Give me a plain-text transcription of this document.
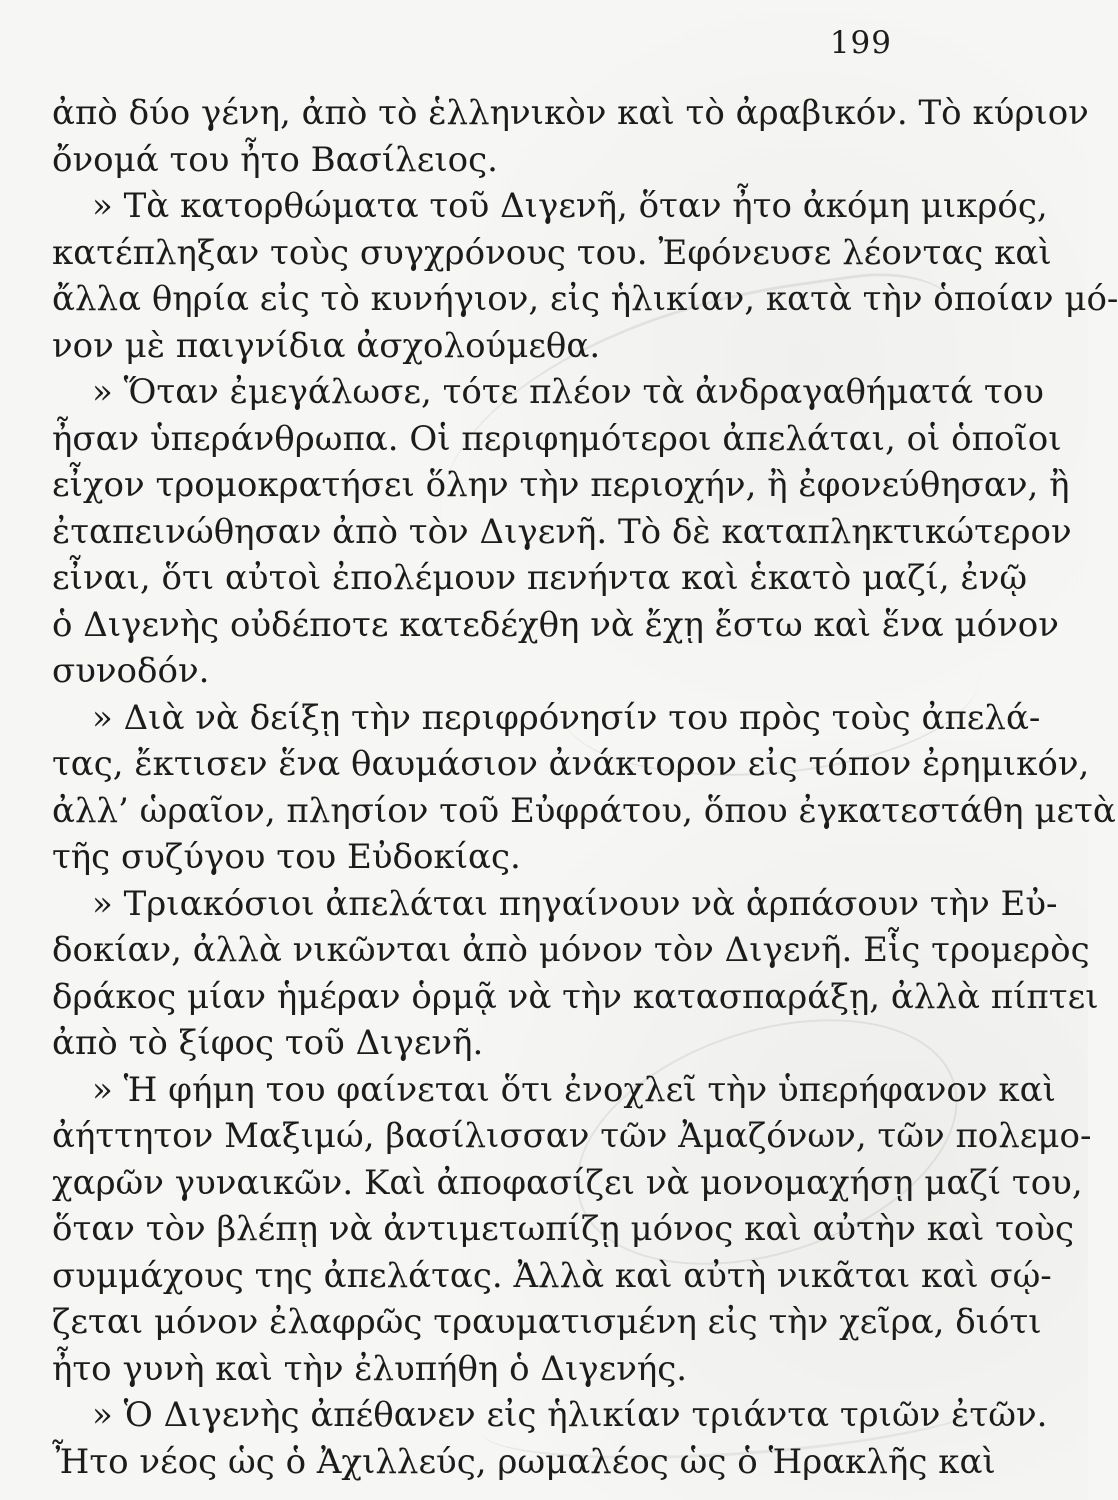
199
ἀπὸ δύο γένη, ἀπὸ τὸ ἑλληνικὸν καὶ τὸ ἀραβικόν. Τὸ κύριον
ὄνομά του ἦτο Βασίλειος.
» Τὰ κατορθώματα τοῦ Διγενῆ, ὅταν ἦτο ἀκόμη μικρός,
κατέπληξαν τοὺς συγχρόνους του. Ἐφόνευσε λέοντας καὶ
ἄλλα θηρία εἰς τὸ κυνήγιον, εἰς ἡλικίαν, κατὰ τὴν ὁποίαν μό-
νον μὲ παιγνίδια ἀσχολούμεθα.
» Ὅταν ἐμεγάλωσε, τότε πλέον τὰ ἀνδραγαθήματά του
ἦσαν ὑπεράνθρωπα. Οἱ περιφημότεροι ἀπελάται, οἱ ὁποῖοι
εἶχον τρομοκρατήσει ὅλην τὴν περιοχήν, ἢ ἐφονεύθησαν, ἢ
ἐταπεινώθησαν ἀπὸ τὸν Διγενῆ. Τὸ δὲ καταπληκτικώτερον
εἶναι, ὅτι αὐτοὶ ἐπολέμουν πενήντα καὶ ἑκατὸ μαζί, ἐνῷ
ὁ Διγενὴς οὐδέποτε κατεδέχθη νὰ ἔχῃ ἔστω καὶ ἕνα μόνον
συνοδόν.
» Διὰ νὰ δείξῃ τὴν περιφρόνησίν του πρὸς τοὺς ἀπελά-
τας, ἔκτισεν ἕνα θαυμάσιον ἀνάκτορον εἰς τόπον ἐρημικόν,
ἀλλ’ ὡραῖον, πλησίον τοῦ Εὐφράτου, ὅπου ἐγκατεστάθη μετὰ
τῆς συζύγου του Εὐδοκίας.
» Τριακόσιοι ἀπελάται πηγαίνουν νὰ ἁρπάσουν τὴν Εὐ-
δοκίαν, ἀλλὰ νικῶνται ἀπὸ μόνον τὸν Διγενῆ. Εἷς τρομερὸς
δράκος μίαν ἡμέραν ὁρμᾷ νὰ τὴν κατασπαράξῃ, ἀλλὰ πίπτει
ἀπὸ τὸ ξίφος τοῦ Διγενῆ.
» Ἡ φήμη του φαίνεται ὅτι ἐνοχλεῖ τὴν ὑπερήφανον καὶ
ἀήττητον Μαξιμώ, βασίλισσαν τῶν Ἀμαζόνων, τῶν πολεμο-
χαρῶν γυναικῶν. Καὶ ἀποφασίζει νὰ μονομαχήσῃ μαζί του,
ὅταν τὸν βλέπῃ νὰ ἀντιμετωπίζῃ μόνος καὶ αὐτὴν καὶ τοὺς
συμμάχους της ἀπελάτας. Ἀλλὰ καὶ αὐτὴ νικᾶται καὶ σῴ-
ζεται μόνον ἐλαφρῶς τραυματισμένη εἰς τὴν χεῖρα, διότι
ἦτο γυνὴ καὶ τὴν ἐλυπήθη ὁ Διγενής.
» Ὁ Διγενὴς ἀπέθανεν εἰς ἡλικίαν τριάντα τριῶν ἐτῶν.
Ἦτο νέος ὡς ὁ Ἀχιλλεύς, ρωμαλέος ὡς ὁ Ἡρακλῆς καὶ
